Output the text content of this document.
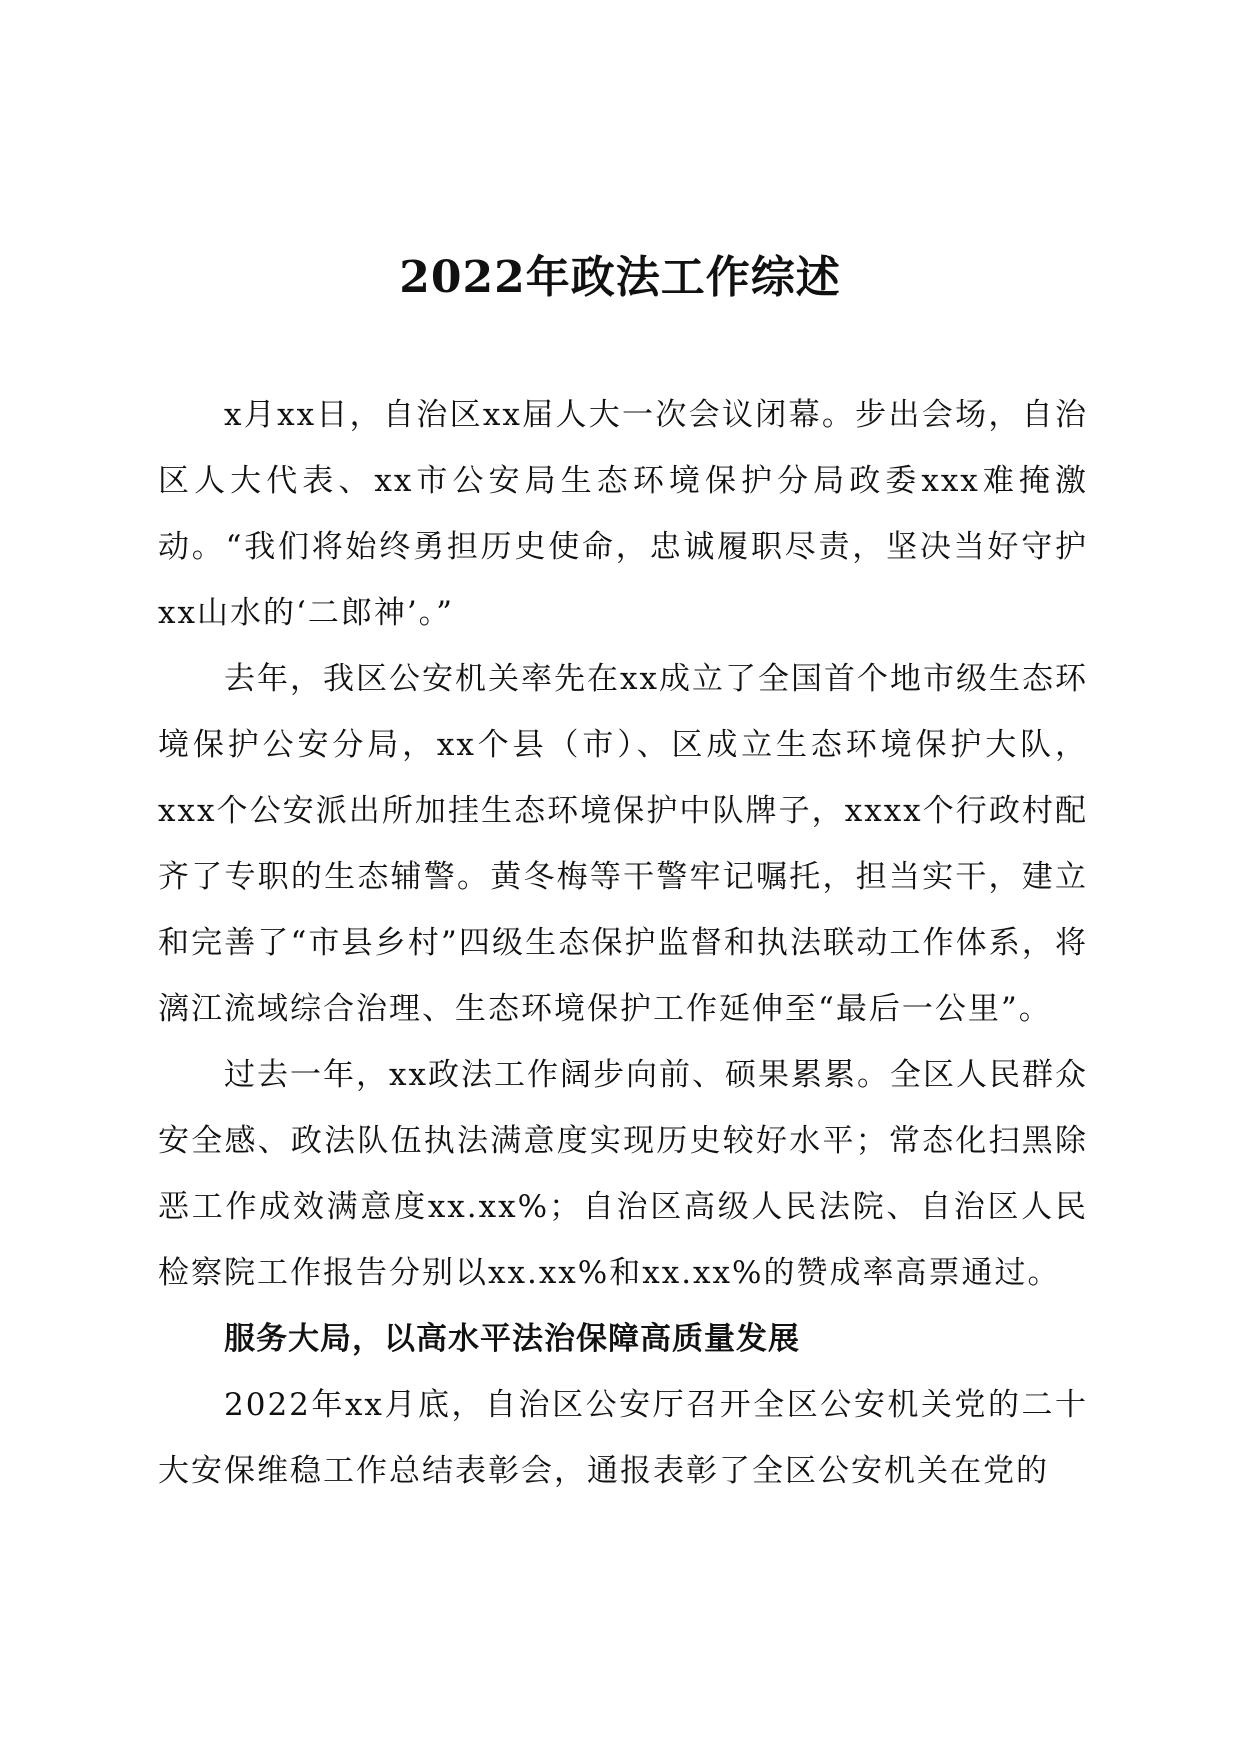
2022年政法工作综述

x月xx日，自治区xx届人大一次会议闭幕。步出会场，自治区人大代表、xx市公安局生态环境保护分局政委xxx难掩激动。“我们将始终勇担历史使命，忠诚履职尽责，坚决当好守护xx山水的‘二郎神’。”

去年，我区公安机关率先在xx成立了全国首个地市级生态环境保护公安分局，xx个县（市）、区成立生态环境保护大队，xxx个公安派出所加挂生态环境保护中队牌子，xxxx个行政村配齐了专职的生态辅警。黄冬梅等干警牢记嘱托，担当实干，建立和完善了“市县乡村”四级生态保护监督和执法联动工作体系，将漓江流域综合治理、生态环境保护工作延伸至“最后一公里”。

过去一年，xx政法工作阔步向前、硕果累累。全区人民群众安全感、政法队伍执法满意度实现历史较好水平；常态化扫黑除恶工作成效满意度xx.xx%；自治区高级人民法院、自治区人民检察院工作报告分别以xx.xx%和xx.xx%的赞成率高票通过。

服务大局，以高水平法治保障高质量发展

2022年xx月底，自治区公安厅召开全区公安机关党的二十大安保维稳工作总结表彰会，通报表彰了全区公安机关在党的
